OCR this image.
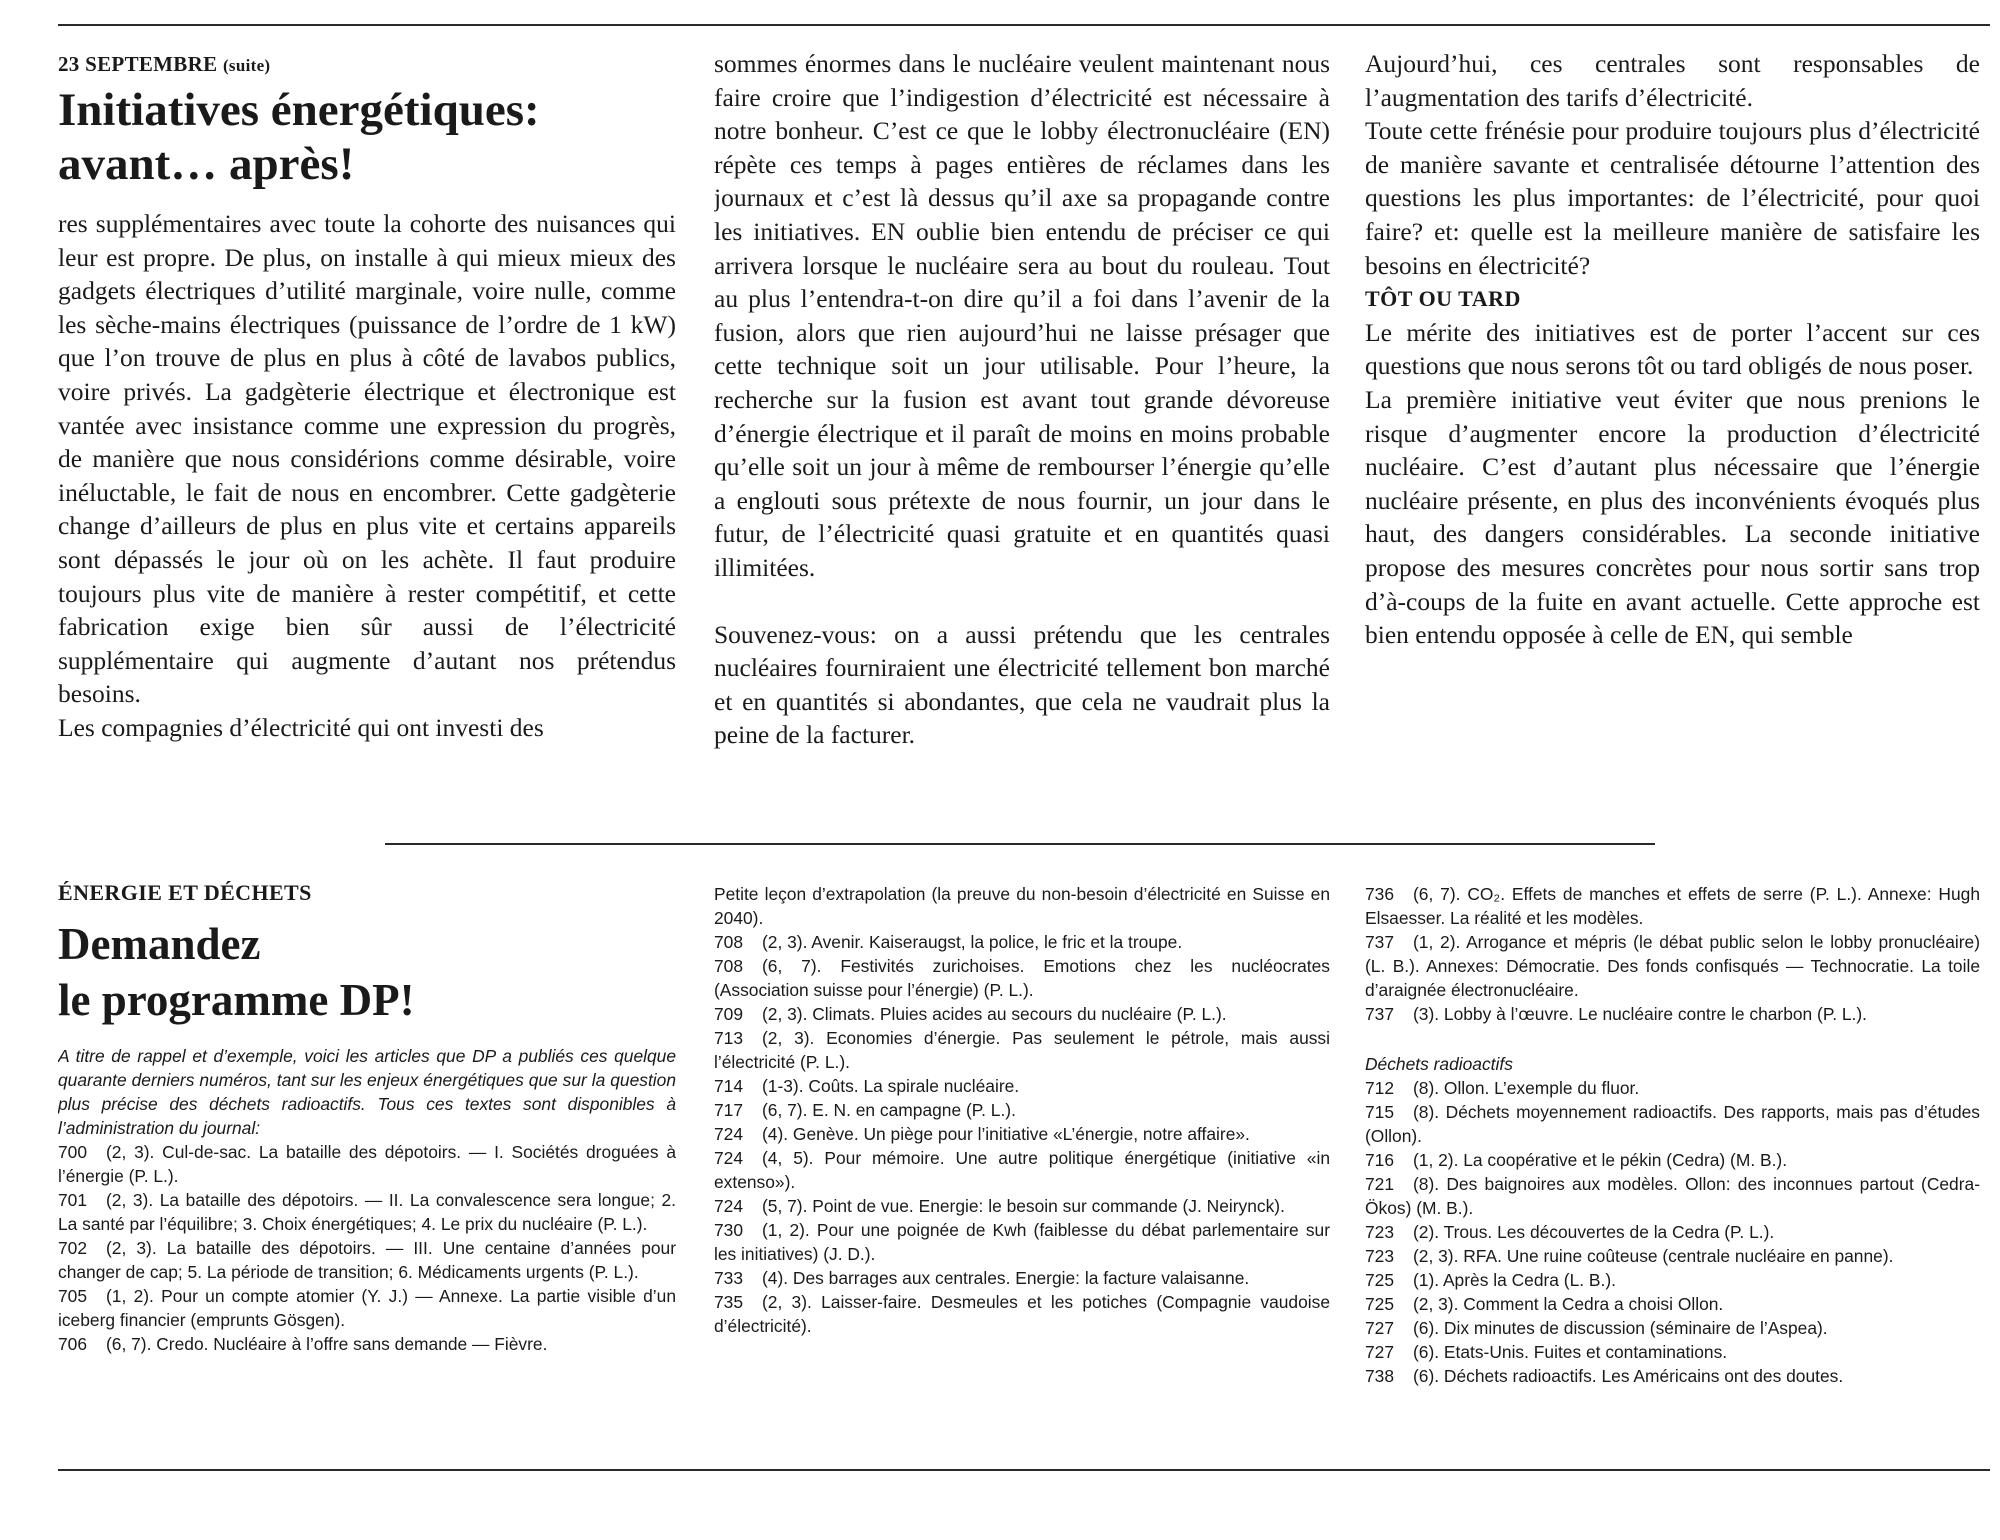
23 SEPTEMBRE (suite)

Initiatives énergétiques:
avant… après!

res supplémentaires avec toute la cohorte des nuisances qui leur est propre. De plus, on installe à qui mieux mieux des gadgets électriques d’utilité marginale, voire nulle, comme les sèche-mains électriques (puissance de l’ordre de 1 kW) que l’on trouve de plus en plus à côté de lavabos publics, voire privés. La gadgèterie électrique et électronique est vantée avec insistance comme une expression du progrès, de manière que nous considérions comme désirable, voire inéluctable, le fait de nous en encombrer. Cette gadgèterie change d’ailleurs de plus en plus vite et certains appareils sont dépassés le jour où on les achète. Il faut produire toujours plus vite de manière à rester compétitif, et cette fabrication exige bien sûr aussi de l’électricité supplémentaire qui augmente d’autant nos prétendus besoins.

Les compagnies d’électricité qui ont investi des

sommes énormes dans le nucléaire veulent maintenant nous faire croire que l’indigestion d’électricité est nécessaire à notre bonheur. C’est ce que le lobby électronucléaire (EN) répète ces temps à pages entières de réclames dans les journaux et c’est là dessus qu’il axe sa propagande contre les initiatives. EN oublie bien entendu de préciser ce qui arrivera lorsque le nucléaire sera au bout du rouleau. Tout au plus l’entendra-t-on dire qu’il a foi dans l’avenir de la fusion, alors que rien aujourd’hui ne laisse présager que cette technique soit un jour utilisable. Pour l’heure, la recherche sur la fusion est avant tout grande dévoreuse d’énergie électrique et il paraît de moins en moins probable qu’elle soit un jour à même de rembourser l’énergie qu’elle a englouti sous prétexte de nous fournir, un jour dans le futur, de l’électricité quasi gratuite et en quantités quasi illimitées.

Souvenez-vous: on a aussi prétendu que les centrales nucléaires fourniraient une électricité tellement bon marché et en quantités si abondantes, que cela ne vaudrait plus la peine de la facturer.

Aujourd’hui, ces centrales sont responsables de l’augmentation des tarifs d’électricité.

Toute cette frénésie pour produire toujours plus d’électricité de manière savante et centralisée détourne l’attention des questions les plus importantes: de l’électricité, pour quoi faire? et: quelle est la meilleure manière de satisfaire les besoins en électricité?

TÔT OU TARD

Le mérite des initiatives est de porter l’accent sur ces questions que nous serons tôt ou tard obligés de nous poser.

La première initiative veut éviter que nous prenions le risque d’augmenter encore la production d’électricité nucléaire. C’est d’autant plus nécessaire que l’énergie nucléaire présente, en plus des inconvénients évoqués plus haut, des dangers considérables. La seconde initiative propose des mesures concrètes pour nous sortir sans trop d’à-coups de la fuite en avant actuelle. Cette approche est bien entendu opposée à celle de EN, qui semble

ÉNERGIE ET DÉCHETS

Demandez
le programme DP!

A titre de rappel et d’exemple, voici les articles que DP a publiés ces quelque quarante derniers numéros, tant sur les enjeux énergétiques que sur la question plus précise des déchets radioactifs. Tous ces textes sont disponibles à l’administration du journal:

700 (2, 3). Cul-de-sac. La bataille des dépotoirs. — I. Sociétés droguées à l’énergie (P. L.).

701 (2, 3). La bataille des dépotoirs. — II. La convalescence sera longue; 2. La santé par l’équilibre; 3. Choix énergétiques; 4. Le prix du nucléaire (P. L.).

702 (2, 3). La bataille des dépotoirs. — III. Une centaine d’années pour changer de cap; 5. La période de transition; 6. Médicaments urgents (P. L.).

705 (1, 2). Pour un compte atomier (Y. J.) — Annexe. La partie visible d’un iceberg financier (emprunts Gösgen).

706 (6, 7). Credo. Nucléaire à l’offre sans demande — Fièvre.

Petite leçon d’extrapolation (la preuve du non-besoin d’électricité en Suisse en 2040).

708 (2, 3). Avenir. Kaiseraugst, la police, le fric et la troupe.

708 (6, 7). Festivités zurichoises. Emotions chez les nucléocrates (Association suisse pour l’énergie) (P. L.).

709 (2, 3). Climats. Pluies acides au secours du nucléaire (P. L.).

713 (2, 3). Economies d’énergie. Pas seulement le pétrole, mais aussi l’électricité (P. L.).

714 (1-3). Coûts. La spirale nucléaire.

717 (6, 7). E. N. en campagne (P. L.).

724 (4). Genève. Un piège pour l’initiative «L’énergie, notre affaire».

724 (4, 5). Pour mémoire. Une autre politique énergétique (initiative «in extenso»).

724 (5, 7). Point de vue. Energie: le besoin sur commande (J. Neirynck).

730 (1, 2). Pour une poignée de Kwh (faiblesse du débat parlementaire sur les initiatives) (J. D.).

733 (4). Des barrages aux centrales. Energie: la facture valaisanne.

735 (2, 3). Laisser-faire. Desmeules et les potiches (Compagnie vaudoise d’électricité).

736 (6, 7). CO₂. Effets de manches et effets de serre (P. L.). Annexe: Hugh Elsaesser. La réalité et les modèles.

737 (1, 2). Arrogance et mépris (le débat public selon le lobby pronucléaire) (L. B.). Annexes: Démocratie. Des fonds confisqués — Technocratie. La toile d’araignée électronucléaire.

737 (3). Lobby à l’œuvre. Le nucléaire contre le charbon (P. L.).

Déchets radioactifs

712 (8). Ollon. L’exemple du fluor.

715 (8). Déchets moyennement radioactifs. Des rapports, mais pas d’études (Ollon).

716 (1, 2). La coopérative et le pékin (Cedra) (M. B.).

721 (8). Des baignoires aux modèles. Ollon: des inconnues partout (Cedra-Ökos) (M. B.).

723 (2). Trous. Les découvertes de la Cedra (P. L.).

723 (2, 3). RFA. Une ruine coûteuse (centrale nucléaire en panne).

725 (1). Après la Cedra (L. B.).

725 (2, 3). Comment la Cedra a choisi Ollon.

727 (6). Dix minutes de discussion (séminaire de l’Aspea).

727 (6). Etats-Unis. Fuites et contaminations.

738 (6). Déchets radioactifs. Les Américains ont des doutes.
